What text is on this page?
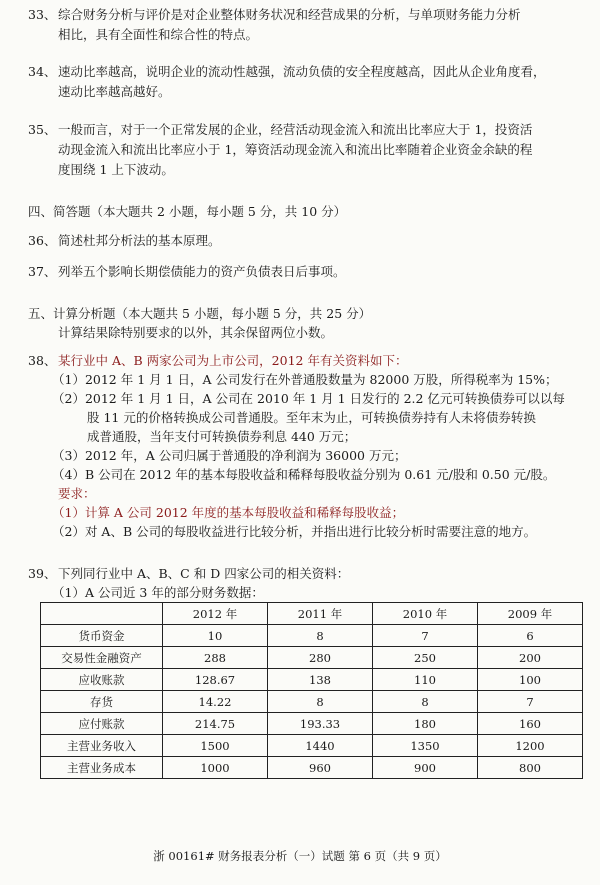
33、 综合财务分析与评价是对企业整体财务状况和经营成果的分析，与单项财务能力分析
相比，具有全面性和综合性的特点。
34、 速动比率越高，说明企业的流动性越强，流动负债的安全程度越高，因此从企业角度看，
速动比率越高越好。
35、 一般而言，对于一个正常发展的企业，经营活动现金流入和流出比率应大于 1，投资活
动现金流入和流出比率应小于 1，筹资活动现金流入和流出比率随着企业资金余缺的程
度围绕 1 上下波动。
四、简答题（本大题共 2 小题，每小题 5 分，共 10 分）
36、 简述杜邦分析法的基本原理。
37、 列举五个影响长期偿债能力的资产负债表日后事项。
五、计算分析题（本大题共 5 小题，每小题 5 分，共 25 分）
计算结果除特别要求的以外，其余保留两位小数。
38、 某行业中 A、B 两家公司为上市公司，2012 年有关资料如下：
（1）2012 年 1 月 1 日，A 公司发行在外普通股数量为 82000 万股，所得税率为 15%；
（2）2012 年 1 月 1 日，A 公司在 2010 年 1 月 1 日发行的 2.2 亿元可转换债券可以以每
股 11 元的价格转换成公司普通股。至年末为止，可转换债券持有人未将债券转换
成普通股，当年支付可转换债券利息 440 万元；
（3）2012 年，A 公司归属于普通股的净利润为 36000 万元；
（4）B 公司在 2012 年的基本每股收益和稀释每股收益分别为 0.61 元/股和 0.50 元/股。
要求：
（1）计算 A 公司 2012 年度的基本每股收益和稀释每股收益；
（2）对 A、B 公司的每股收益进行比较分析，并指出进行比较分析时需要注意的地方。
39、 下列同行业中 A、B、C 和 D 四家公司的相关资料：
（1）A 公司近 3 年的部分财务数据：
	2012 年	2011 年	2010 年	2009 年
货币资金	10	8	7	6
交易性金融资产	288	280	250	200
应收账款	128.67	138	110	100
存货	14.22	8	8	7
应付账款	214.75	193.33	180	160
主营业务收入	1500	1440	1350	1200
主营业务成本	1000	960	900	800
浙 00161# 财务报表分析（一）试题 第 6 页（共 9 页）
